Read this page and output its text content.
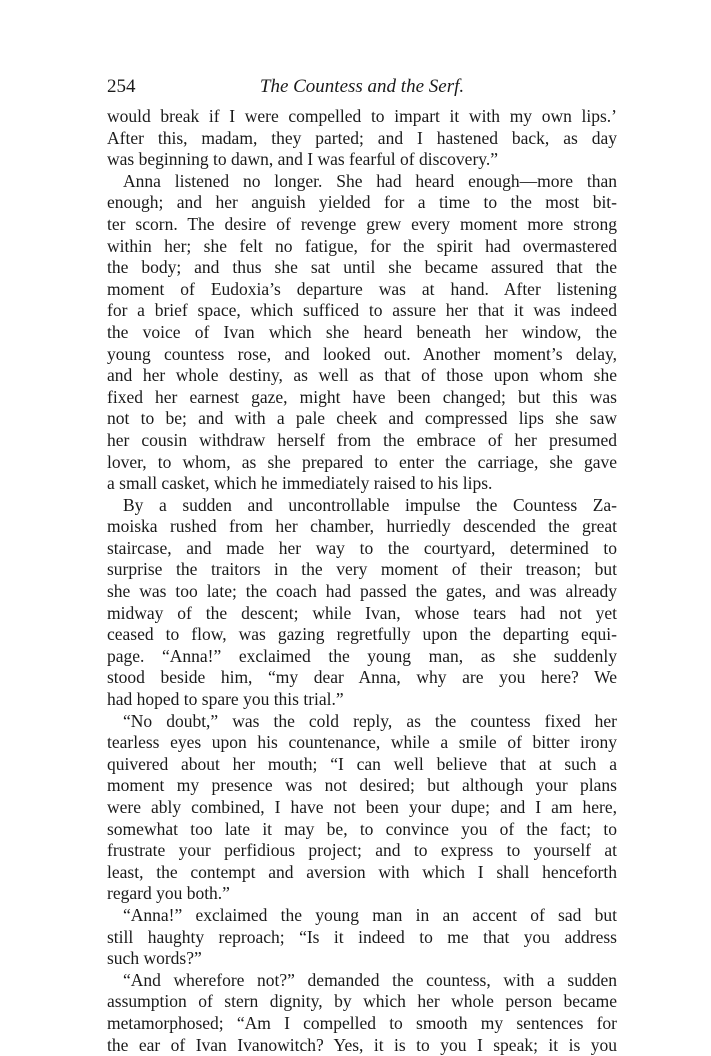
254	The Countess and the Serf.
would break if I were compelled to impart it with my own lips.’
After this, madam, they parted; and I hastened back, as day
was beginning to dawn, and I was fearful of discovery.”
Anna listened no longer. She had heard enough—more than
enough; and her anguish yielded for a time to the most bit-
ter scorn. The desire of revenge grew every moment more strong
within her; she felt no fatigue, for the spirit had overmastered
the body; and thus she sat until she became assured that the
moment of Eudoxia’s departure was at hand. After listening
for a brief space, which sufficed to assure her that it was indeed
the voice of Ivan which she heard beneath her window, the
young countess rose, and looked out. Another moment’s delay,
and her whole destiny, as well as that of those upon whom she
fixed her earnest gaze, might have been changed; but this was
not to be; and with a pale cheek and compressed lips she saw
her cousin withdraw herself from the embrace of her presumed
lover, to whom, as she prepared to enter the carriage, she gave
a small casket, which he immediately raised to his lips.
By a sudden and uncontrollable impulse the Countess Za-
moiska rushed from her chamber, hurriedly descended the great
staircase, and made her way to the courtyard, determined to
surprise the traitors in the very moment of their treason; but
she was too late; the coach had passed the gates, and was already
midway of the descent; while Ivan, whose tears had not yet
ceased to flow, was gazing regretfully upon the departing equi-
page. “Anna!” exclaimed the young man, as she suddenly
stood beside him, “my dear Anna, why are you here? We
had hoped to spare you this trial.”
“No doubt,” was the cold reply, as the countess fixed her
tearless eyes upon his countenance, while a smile of bitter irony
quivered about her mouth; “I can well believe that at such a
moment my presence was not desired; but although your plans
were ably combined, I have not been your dupe; and I am here,
somewhat too late it may be, to convince you of the fact; to
frustrate your perfidious project; and to express to yourself at
least, the contempt and aversion with which I shall henceforth
regard you both.”
“Anna!” exclaimed the young man in an accent of sad but
still haughty reproach; “Is it indeed to me that you address
such words?”
“And wherefore not?” demanded the countess, with a sudden
assumption of stern dignity, by which her whole person became
metamorphosed; “Am I compelled to smooth my sentences for
the ear of Ivan Ivanowitch? Yes, it is to you I speak; it is you
